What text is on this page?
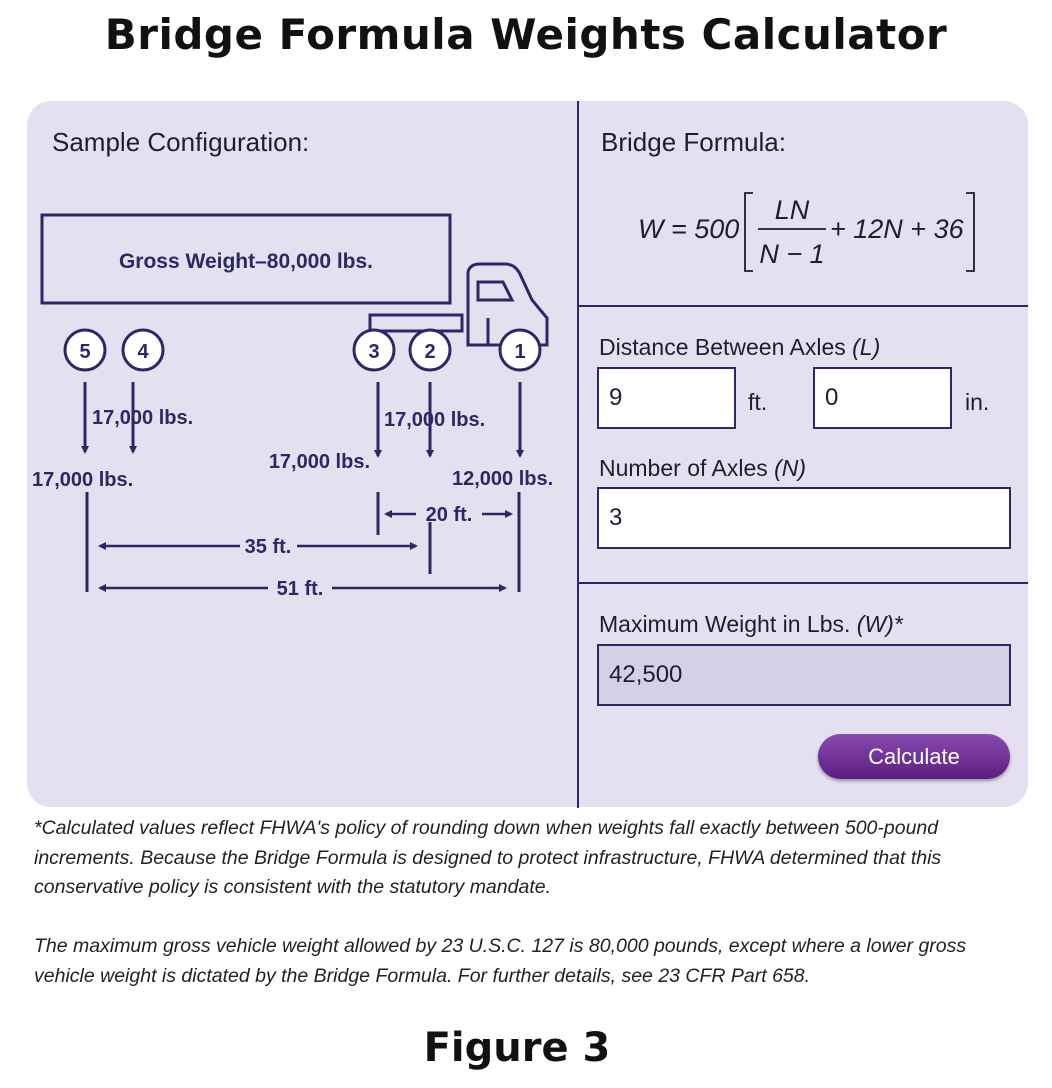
Bridge Formula Weights Calculator
Sample Configuration:
Gross Weight–80,000 lbs.
5 4	3 2	1
17,000 lbs.	17,000 lbs.
17,000 lbs.
17,000 lbs.	12,000 lbs.
20 ft.
35 ft.
51 ft.
Bridge Formula:
W = 500
LN
N − 1
+ 12N + 36
Distance Between Axles (L)
9	ft.	0	in.
Number of Axles (N)
3
Maximum Weight in Lbs. (W)*
42,500
Calculate
*Calculated values reflect FHWA's policy of rounding down when weights fall exactly between 500-pound increments. Because the Bridge Formula is designed to protect infrastructure, FHWA determined that this conservative policy is consistent with the statutory mandate.
The maximum gross vehicle weight allowed by 23 U.S.C. 127 is 80,000 pounds, except where a lower gross vehicle weight is dictated by the Bridge Formula. For further details, see 23 CFR Part 658.
Figure 3
